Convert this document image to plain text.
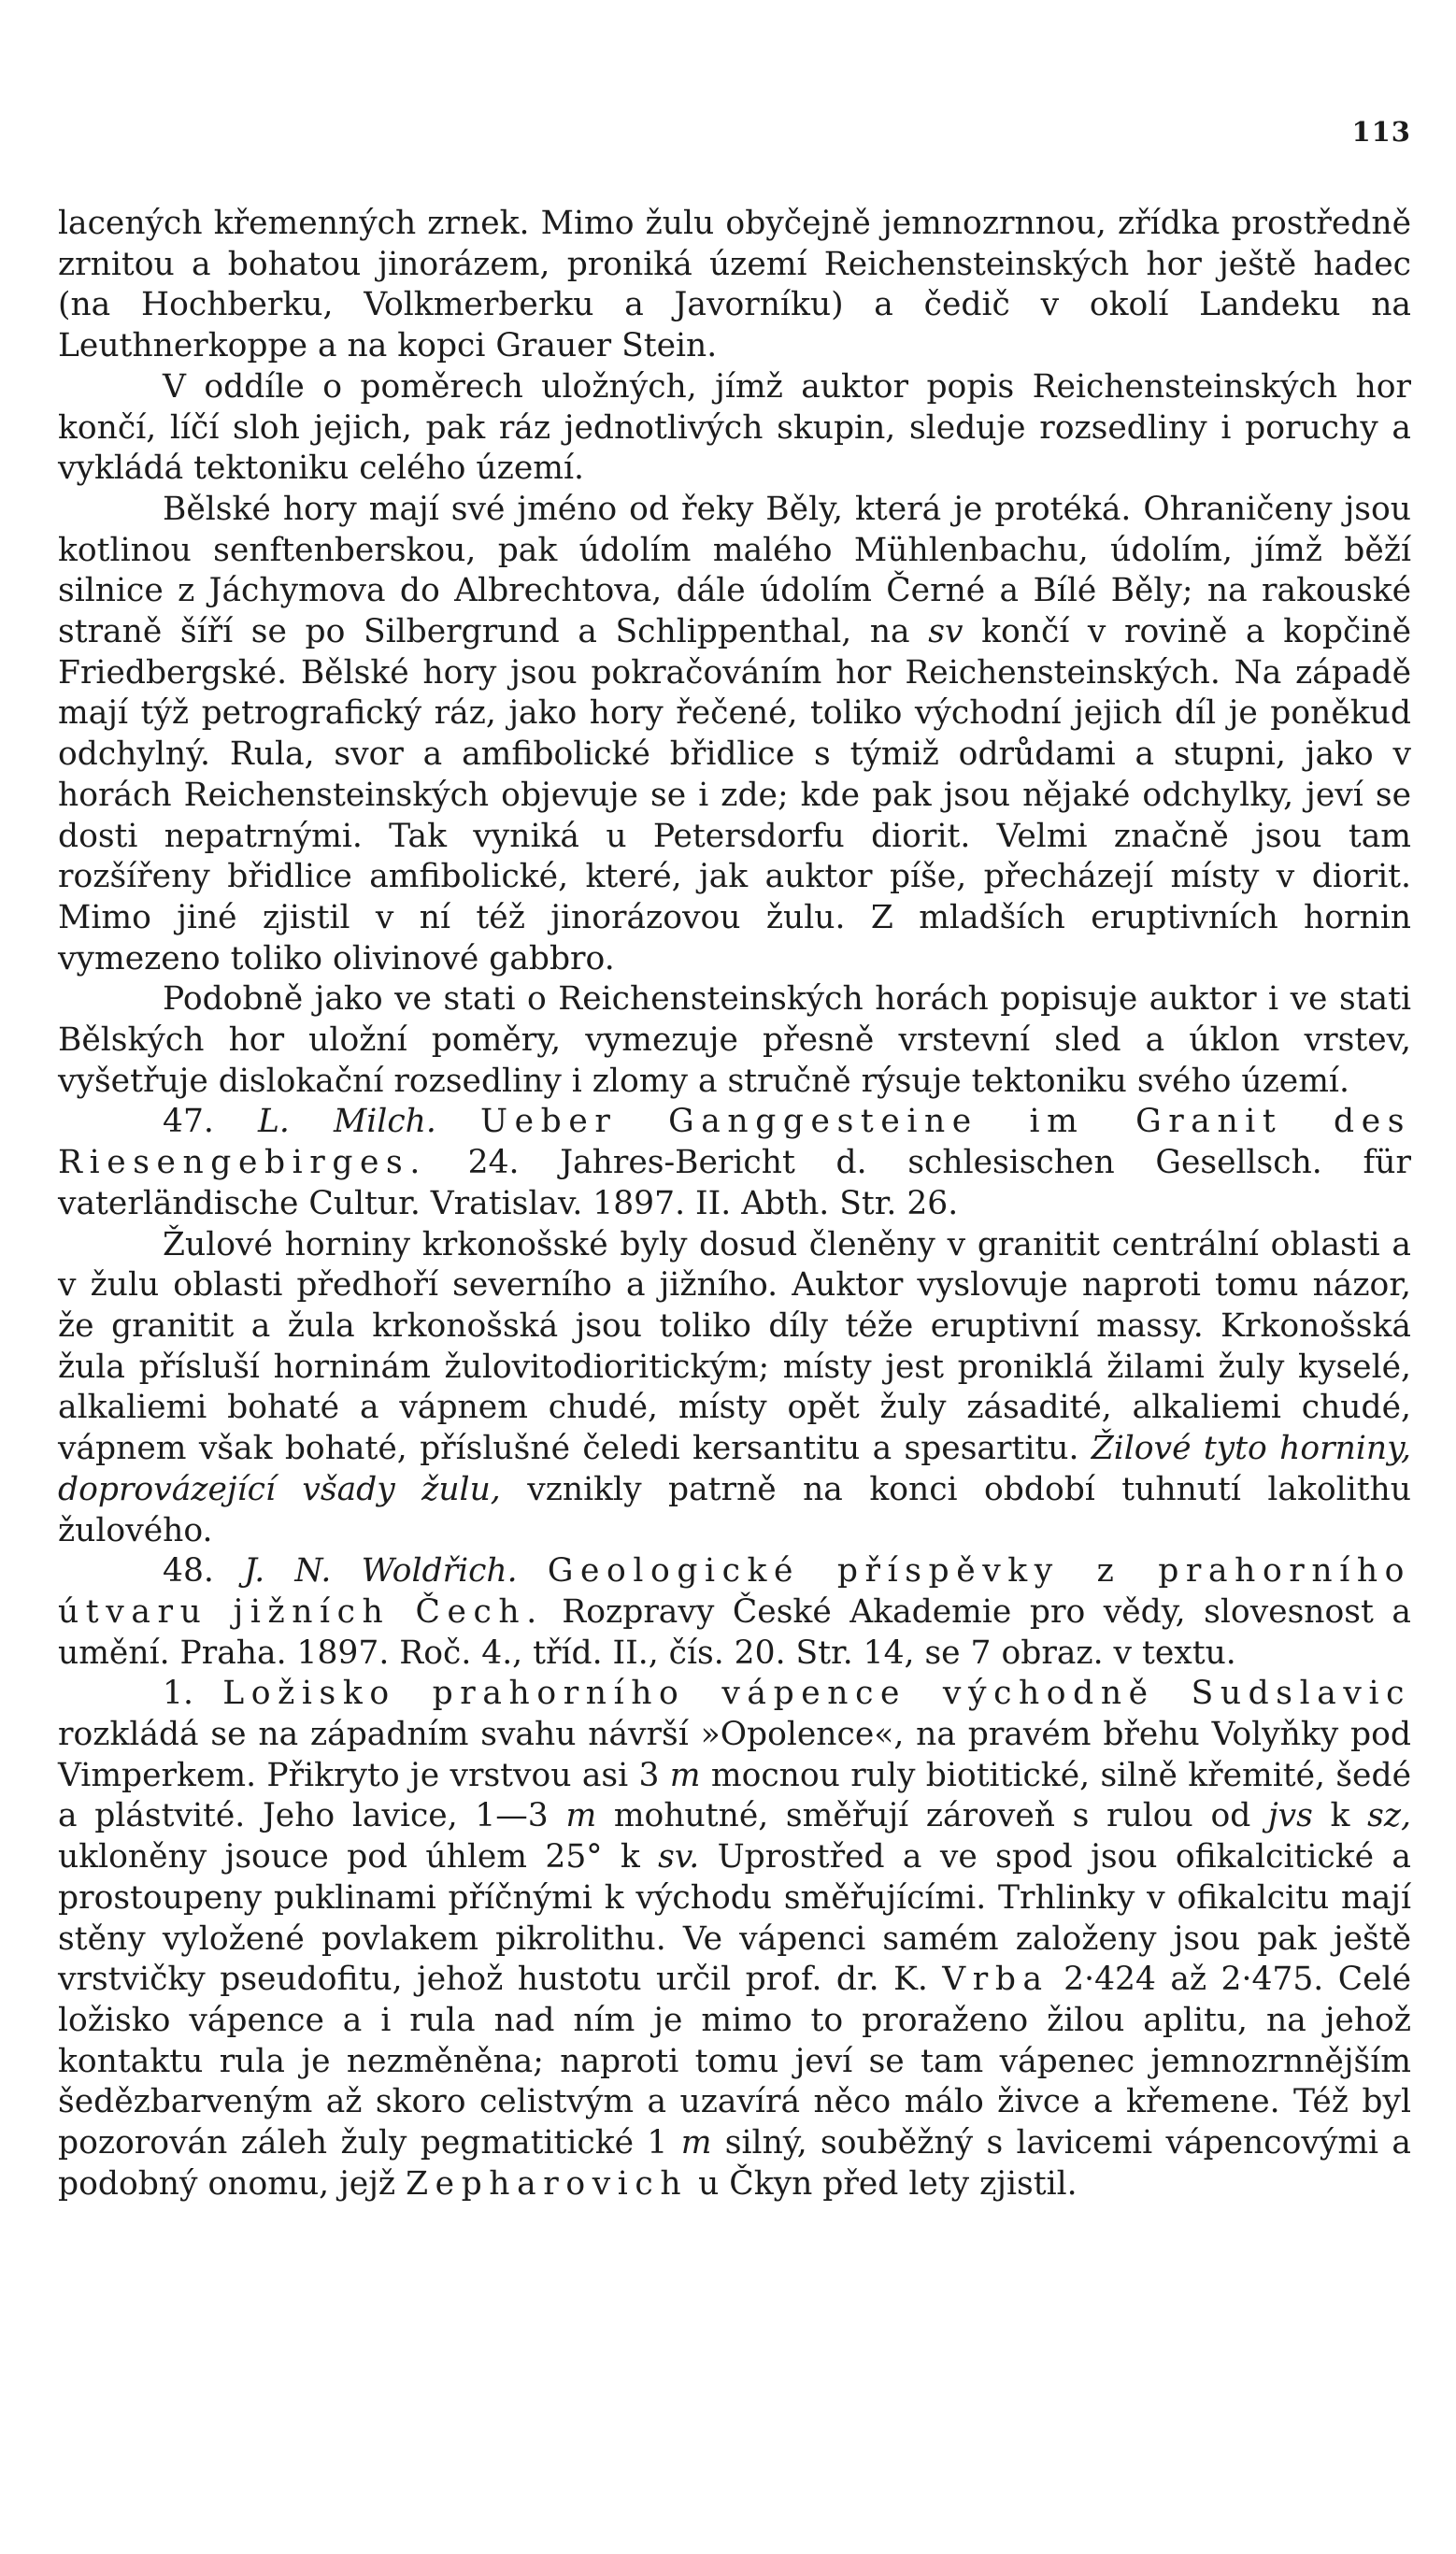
113

lacených křemenných zrnek. Mimo žulu obyčejně jemnozrnnou, zřídka prostředně zrnitou a bohatou jinorázem, proniká území Reichensteinských hor ještě hadec (na Hochberku, Volkmerberku a Javorníku) a čedič v okolí Landeku na Leuthnerkoppe a na kopci Grauer Stein.

V oddíle o poměrech uložných, jímž auktor popis Reichensteinských hor končí, líčí sloh jejich, pak ráz jednotlivých skupin, sleduje rozsedliny i poruchy a vykládá tektoniku celého území.

Bělské hory mají své jméno od řeky Běly, která je protéká. Ohraničeny jsou kotlinou senftenberskou, pak údolím malého Mühlenbachu, údolím, jímž běží silnice z Jáchymova do Albrechtova, dále údolím Černé a Bílé Běly; na rakouské straně šíří se po Silbergrund a Schlippenthal, na sv končí v rovině a kopčině Friedbergské. Bělské hory jsou pokračováním hor Reichensteinských. Na západě mají týž petrografický ráz, jako hory řečené, toliko východní jejich díl je poněkud odchylný. Rula, svor a amfibolické břidlice s týmiž odrůdami a stupni, jako v horách Reichensteinských objevuje se i zde; kde pak jsou nějaké odchylky, jeví se dosti nepatrnými. Tak vyniká u Petersdorfu diorit. Velmi značně jsou tam rozšířeny břidlice amfibolické, které, jak auktor píše, přecházejí místy v diorit. Mimo jiné zjistil v ní též jinorázovou žulu. Z mladších eruptivních hornin vymezeno toliko olivinové gabbro.

Podobně jako ve stati o Reichensteinských horách popisuje auktor i ve stati Bělských hor uložní poměry, vymezuje přesně vrstevní sled a úklon vrstev, vyšetřuje dislokační rozsedliny i zlomy a stručně rýsuje tektoniku svého území.

47. L. Milch. Ueber Ganggesteine im Granit des Riesengebirges. 24. Jahres-Bericht d. schlesischen Gesellsch. für vaterländische Cultur. Vratislav. 1897. II. Abth. Str. 26.

Žulové horniny krkonošské byly dosud členěny v granitit centrální oblasti a v žulu oblasti předhoří severního a jižního. Auktor vyslovuje naproti tomu názor, že granitit a žula krkonošská jsou toliko díly téže eruptivní massy. Krkonošská žula přísluší horninám žulovitodioritickým; místy jest proniklá žilami žuly kyselé, alkaliemi bohaté a vápnem chudé, místy opět žuly zásadité, alkaliemi chudé, vápnem však bohaté, příslušné čeledi kersantitu a spesartitu. Žilové tyto horniny, doprovázející všady žulu, vznikly patrně na konci období tuhnutí lakolithu žulového.

48. J. N. Woldřich. Geologické příspěvky z prahorního útvaru jižních Čech. Rozpravy České Akademie pro vědy, slovesnost a umění. Praha. 1897. Roč. 4., tříd. II., čís. 20. Str. 14, se 7 obraz. v textu.

1. Ložisko prahorního vápence východně Sudslavic rozkládá se na západním svahu návrší »Opolence«, na pravém břehu Volyňky pod Vimperkem. Přikryto je vrstvou asi 3 m mocnou ruly biotitické, silně křemité, šedé a plástvité. Jeho lavice, 1—3 m mohutné, směřují zároveň s rulou od jvs k sz, ukloněny jsouce pod úhlem 25° k sv. Uprostřed a ve spod jsou ofikalcitické a prostoupeny puklinami příčnými k východu směřujícími. Trhlinky v ofikalcitu mají stěny vyložené povlakem pikrolithu. Ve vápenci samém založeny jsou pak ještě vrstvičky pseudofitu, jehož hustotu určil prof. dr. K. Vrba 2·424 až 2·475. Celé ložisko vápence a i rula nad ním je mimo to proraženo žilou aplitu, na jehož kontaktu rula je nezměněna; naproti tomu jeví se tam vápenec jemnozrnnějším šedězbarveným až skoro celistvým a uzavírá něco málo živce a křemene. Též byl pozorován záleh žuly pegmatitické 1 m silný, souběžný s lavicemi vápencovými a podobný onomu, jejž Zepharovich u Čkyn před lety zjistil.
